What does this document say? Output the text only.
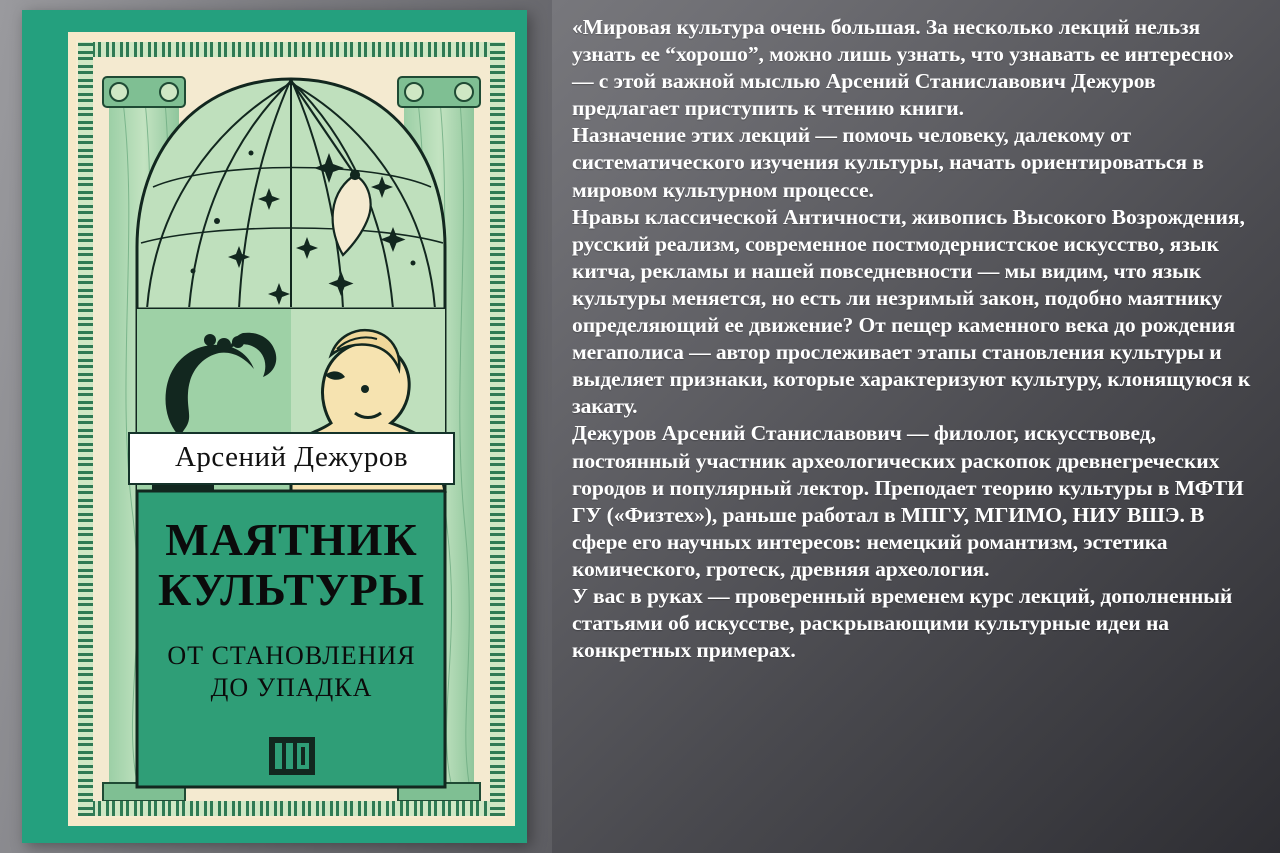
Арсений Дежуров
МАЯТНИК
КУЛЬТУРЫ
ОТ СТАНОВЛЕНИЯ
ДО УПАДКА

«Мировая культура очень большая. За несколько лекций нельзя узнать ее “хорошо”, можно лишь узнать, что узнавать ее интересно» — с этой важной мыслью Арсений Станиславович Дежуров предлагает приступить к чтению книги.

Назначение этих лекций — помочь человеку, далекому от систематического изучения культуры, начать ориентироваться в мировом культурном процессе.

Нравы классической Античности, живопись Высокого Возрождения, русский реализм, современное постмодернистское искусство, язык китча, рекламы и нашей повседневности — мы видим, что язык культуры меняется, но есть ли незримый закон, подобно маятнику определяющий ее движение? От пещер каменного века до рождения мегаполиса — автор прослеживает этапы становления культуры и выделяет признаки, которые характеризуют культуру, клонящуюся к закату.

Дежуров Арсений Станиславович — филолог, искусствовед, постоянный участник археологических раскопок древнегреческих городов и популярный лектор. Преподает теорию культуры в МФТИ ГУ («Физтех»), раньше работал в МПГУ, МГИМО, НИУ ВШЭ. В сфере его научных интересов: немецкий романтизм, эстетика комического, гротеск, древняя археология.

У вас в руках — проверенный временем курс лекций, дополненный статьями об искусстве, раскрывающими культурные идеи на конкретных примерах.
